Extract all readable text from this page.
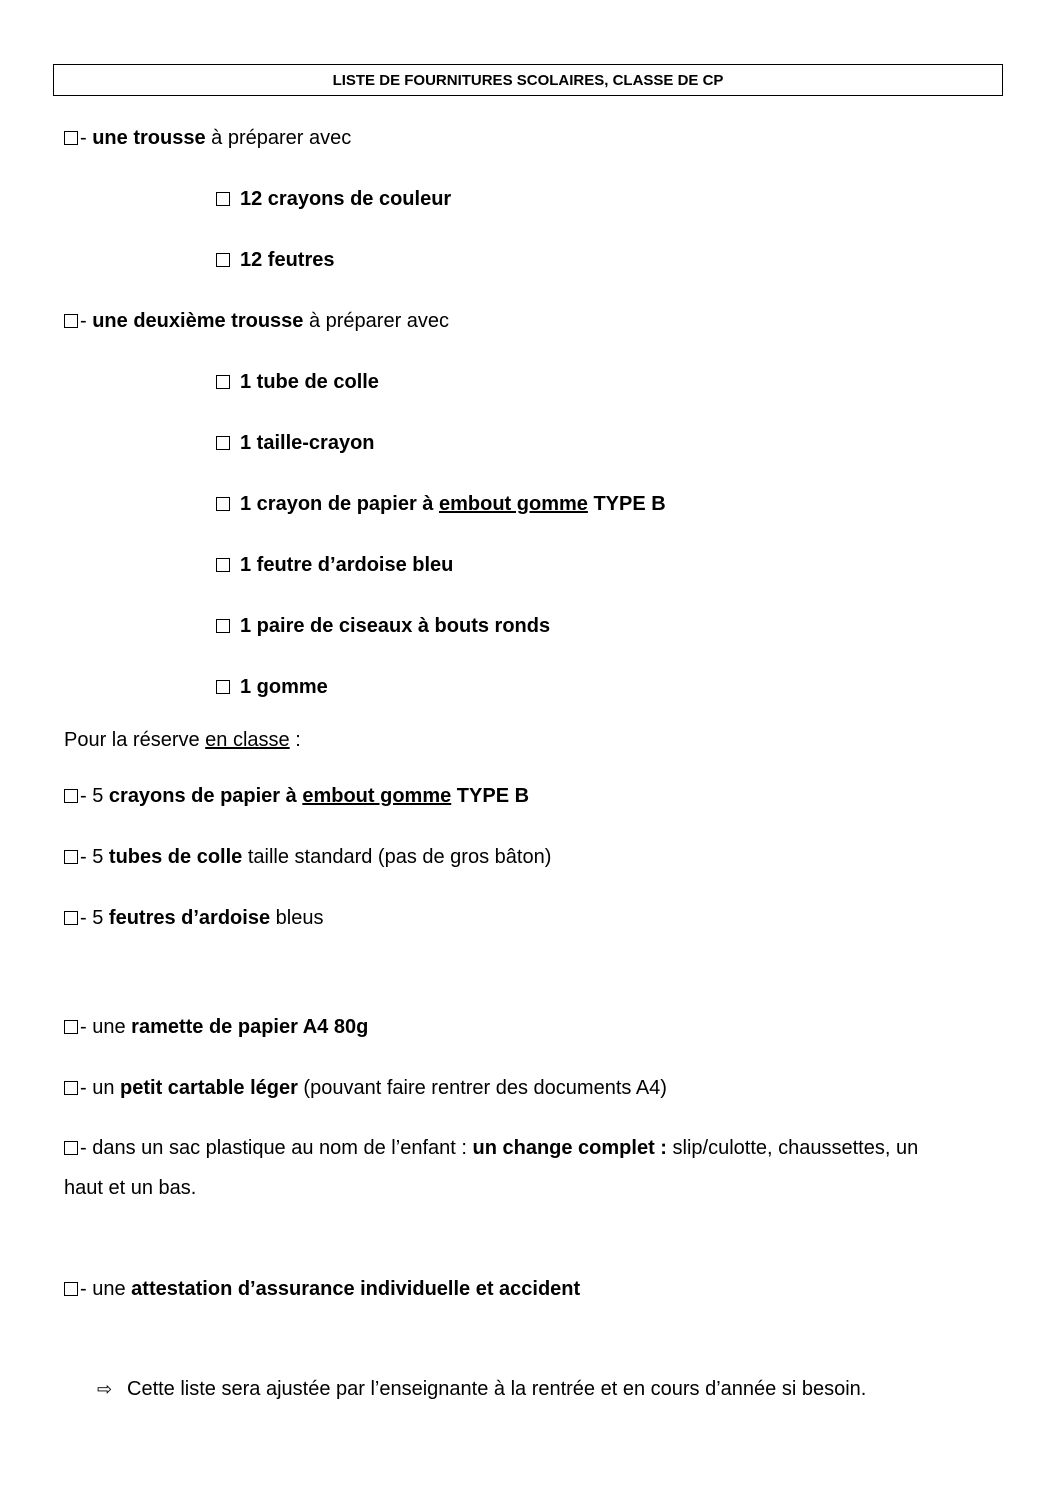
LISTE DE FOURNITURES SCOLAIRES, CLASSE DE CP
- une trousse à préparer avec
12 crayons de couleur
12 feutres
- une deuxième trousse à préparer avec
1 tube de colle
1 taille-crayon
1 crayon de papier à embout gomme TYPE B
1 feutre d’ardoise bleu
1 paire de ciseaux à bouts ronds
1 gomme
Pour la réserve en classe :
- 5 crayons de papier à embout gomme TYPE B
- 5 tubes de colle taille standard (pas de gros bâton)
- 5 feutres d’ardoise bleus
- une ramette de papier A4 80g
- un petit cartable léger (pouvant faire rentrer des documents A4)
- dans un sac plastique au nom de l’enfant : un change complet : slip/culotte, chaussettes, un haut et un bas.
- une attestation d’assurance individuelle et accident
⇨ Cette liste sera ajustée par l’enseignante à la rentrée et en cours d’année si besoin.
